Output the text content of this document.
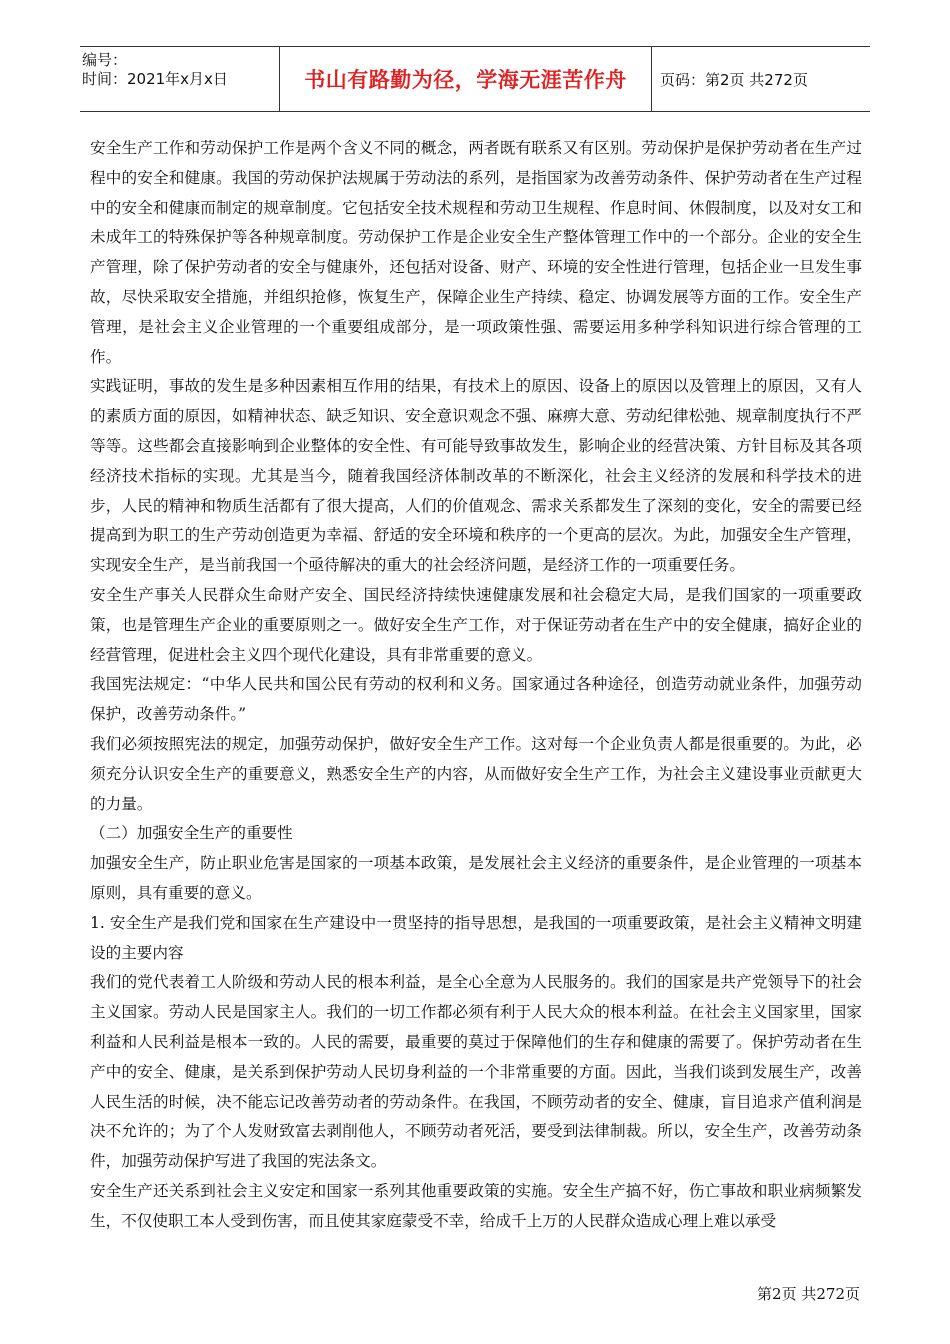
编号：
时间：2021年x月x日	书山有路勤为径，学海无涯苦作舟	页码：第2页 共272页

安全生产工作和劳动保护工作是两个含义不同的概念，两者既有联系又有区别。劳动保护是保护劳动者在生产过程中的安全和健康。我国的劳动保护法规属于劳动法的系列，是指国家为改善劳动条件、保护劳动者在生产过程中的安全和健康而制定的规章制度。它包括安全技术规程和劳动卫生规程、作息时间、休假制度，以及对女工和未成年工的特殊保护等各种规章制度。劳动保护工作是企业安全生产整体管理工作中的一个部分。企业的安全生产管理，除了保护劳动者的安全与健康外，还包括对设备、财产、环境的安全性进行管理，包括企业一旦发生事故，尽快采取安全措施，并组织抢修，恢复生产，保障企业生产持续、稳定、协调发展等方面的工作。安全生产管理，是社会主义企业管理的一个重要组成部分，是一项政策性强、需要运用多种学科知识进行综合管理的工作。

实践证明，事故的发生是多种因素相互作用的结果，有技术上的原因、设备上的原因以及管理上的原因，又有人的素质方面的原因，如精神状态、缺乏知识、安全意识观念不强、麻痹大意、劳动纪律松弛、规章制度执行不严等等。这些都会直接影响到企业整体的安全性、有可能导致事故发生，影响企业的经营决策、方针目标及其各项经济技术指标的实现。尤其是当今，随着我国经济体制改革的不断深化，社会主义经济的发展和科学技术的进步，人民的精神和物质生活都有了很大提高，人们的价值观念、需求关系都发生了深刻的变化，安全的需要已经提高到为职工的生产劳动创造更为幸福、舒适的安全环境和秩序的一个更高的层次。为此，加强安全生产管理，实现安全生产，是当前我国一个亟待解决的重大的社会经济问题，是经济工作的一项重要任务。

安全生产事关人民群众生命财产安全、国民经济持续快速健康发展和社会稳定大局，是我们国家的一项重要政策，也是管理生产企业的重要原则之一。做好安全生产工作，对于保证劳动者在生产中的安全健康，搞好企业的经营管理，促进杜会主义四个现代化建设，具有非常重要的意义。

我国宪法规定：“中华人民共和国公民有劳动的权利和义务。国家通过各种途径，创造劳动就业条件，加强劳动保护，改善劳动条件。”

我们必须按照宪法的规定，加强劳动保护，做好安全生产工作。这对每一个企业负责人都是很重要的。为此，必须充分认识安全生产的重要意义，熟悉安全生产的内容，从而做好安全生产工作，为社会主义建设事业贡献更大的力量。

（二）加强安全生产的重要性

加强安全生产，防止职业危害是国家的一项基本政策，是发展社会主义经济的重要条件，是企业管理的一项基本原则，具有重要的意义。

1. 安全生产是我们党和国家在生产建设中一贯坚持的指导思想，是我国的一项重要政策，是社会主义精神文明建设的主要内容

我们的党代表着工人阶级和劳动人民的根本利益，是全心全意为人民服务的。我们的国家是共产党领导下的社会主义国家。劳动人民是国家主人。我们的一切工作都必须有利于人民大众的根本利益。在社会主义国家里，国家利益和人民利益是根本一致的。人民的需要，最重要的莫过于保障他们的生存和健康的需要了。保护劳动者在生产中的安全、健康，是关系到保护劳动人民切身利益的一个非常重要的方面。因此，当我们谈到发展生产，改善人民生活的时候，决不能忘记改善劳动者的劳动条件。在我国，不顾劳动者的安全、健康，盲目追求产值利润是决不允许的；为了个人发财致富去剥削他人，不顾劳动者死活，要受到法律制裁。所以，安全生产，改善劳动条件，加强劳动保护写进了我国的宪法条文。

安全生产还关系到社会主义安定和国家一系列其他重要政策的实施。安全生产搞不好，伤亡事故和职业病频繁发生，不仅使职工本人受到伤害，而且使其家庭蒙受不幸，给成千上万的人民群众造成心理上难以承受

第2页 共272页
